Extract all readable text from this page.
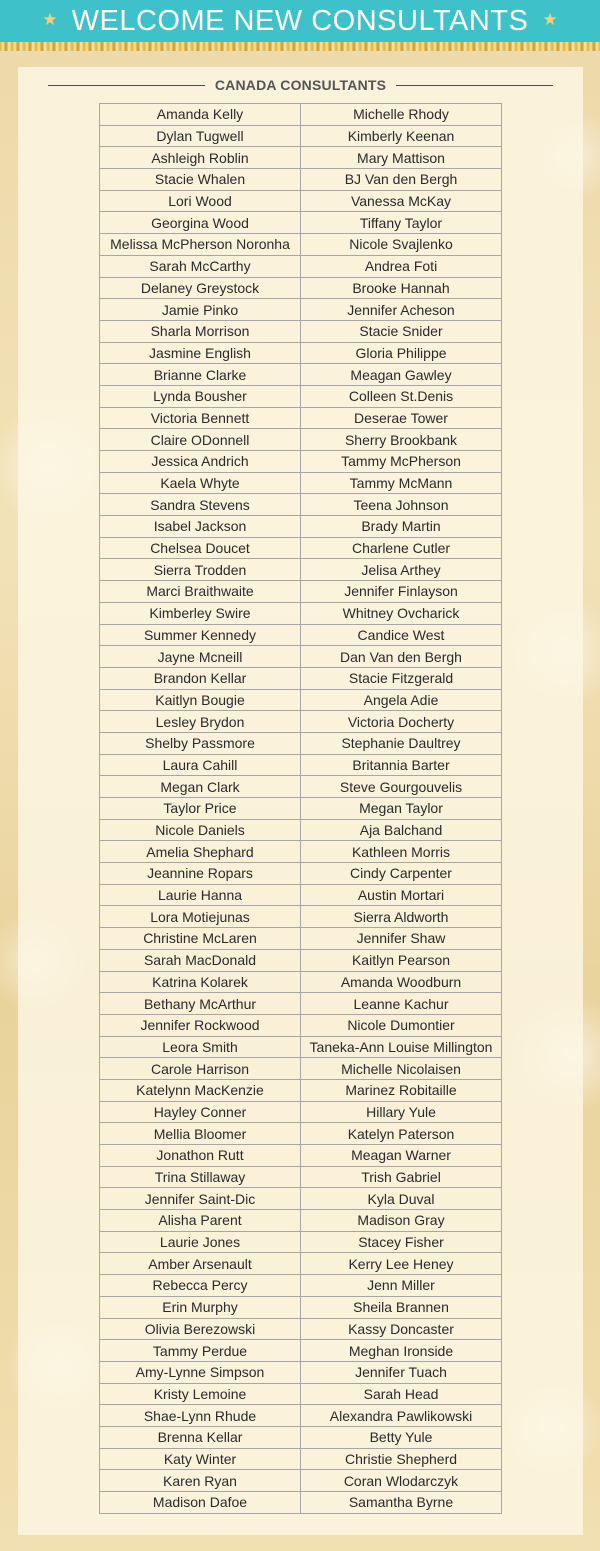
★ WELCOME NEW CONSULTANTS ★
CANADA CONSULTANTS
Amanda Kelly	Michelle Rhody
Dylan Tugwell	Kimberly Keenan
Ashleigh Roblin	Mary Mattison
Stacie Whalen	BJ Van den Bergh
Lori Wood	Vanessa McKay
Georgina Wood	Tiffany Taylor
Melissa McPherson Noronha	Nicole Svajlenko
Sarah McCarthy	Andrea Foti
Delaney Greystock	Brooke Hannah
Jamie Pinko	Jennifer Acheson
Sharla Morrison	Stacie Snider
Jasmine English	Gloria Philippe
Brianne Clarke	Meagan Gawley
Lynda Bousher	Colleen St.Denis
Victoria Bennett	Deserae Tower
Claire ODonnell	Sherry Brookbank
Jessica Andrich	Tammy McPherson
Kaela Whyte	Tammy McMann
Sandra Stevens	Teena Johnson
Isabel Jackson	Brady Martin
Chelsea Doucet	Charlene Cutler
Sierra Trodden	Jelisa Arthey
Marci Braithwaite	Jennifer Finlayson
Kimberley Swire	Whitney Ovcharick
Summer Kennedy	Candice West
Jayne Mcneill	Dan Van den Bergh
Brandon Kellar	Stacie Fitzgerald
Kaitlyn Bougie	Angela Adie
Lesley Brydon	Victoria Docherty
Shelby Passmore	Stephanie Daultrey
Laura Cahill	Britannia Barter
Megan Clark	Steve Gourgouvelis
Taylor Price	Megan Taylor
Nicole Daniels	Aja Balchand
Amelia Shephard	Kathleen Morris
Jeannine Ropars	Cindy Carpenter
Laurie Hanna	Austin Mortari
Lora Motiejunas	Sierra Aldworth
Christine McLaren	Jennifer Shaw
Sarah MacDonald	Kaitlyn Pearson
Katrina Kolarek	Amanda Woodburn
Bethany McArthur	Leanne Kachur
Jennifer Rockwood	Nicole Dumontier
Leora Smith	Taneka-Ann Louise Millington
Carole Harrison	Michelle Nicolaisen
Katelynn MacKenzie	Marinez Robitaille
Hayley Conner	Hillary Yule
Mellia Bloomer	Katelyn Paterson
Jonathon Rutt	Meagan Warner
Trina Stillaway	Trish Gabriel
Jennifer Saint-Dic	Kyla Duval
Alisha Parent	Madison Gray
Laurie Jones	Stacey Fisher
Amber Arsenault	Kerry Lee Heney
Rebecca Percy	Jenn Miller
Erin Murphy	Sheila Brannen
Olivia Berezowski	Kassy Doncaster
Tammy Perdue	Meghan Ironside
Amy-Lynne Simpson	Jennifer Tuach
Kristy Lemoine	Sarah Head
Shae-Lynn Rhude	Alexandra Pawlikowski
Brenna Kellar	Betty Yule
Katy Winter	Christie Shepherd
Karen Ryan	Coran Wlodarczyk
Madison Dafoe	Samantha Byrne
